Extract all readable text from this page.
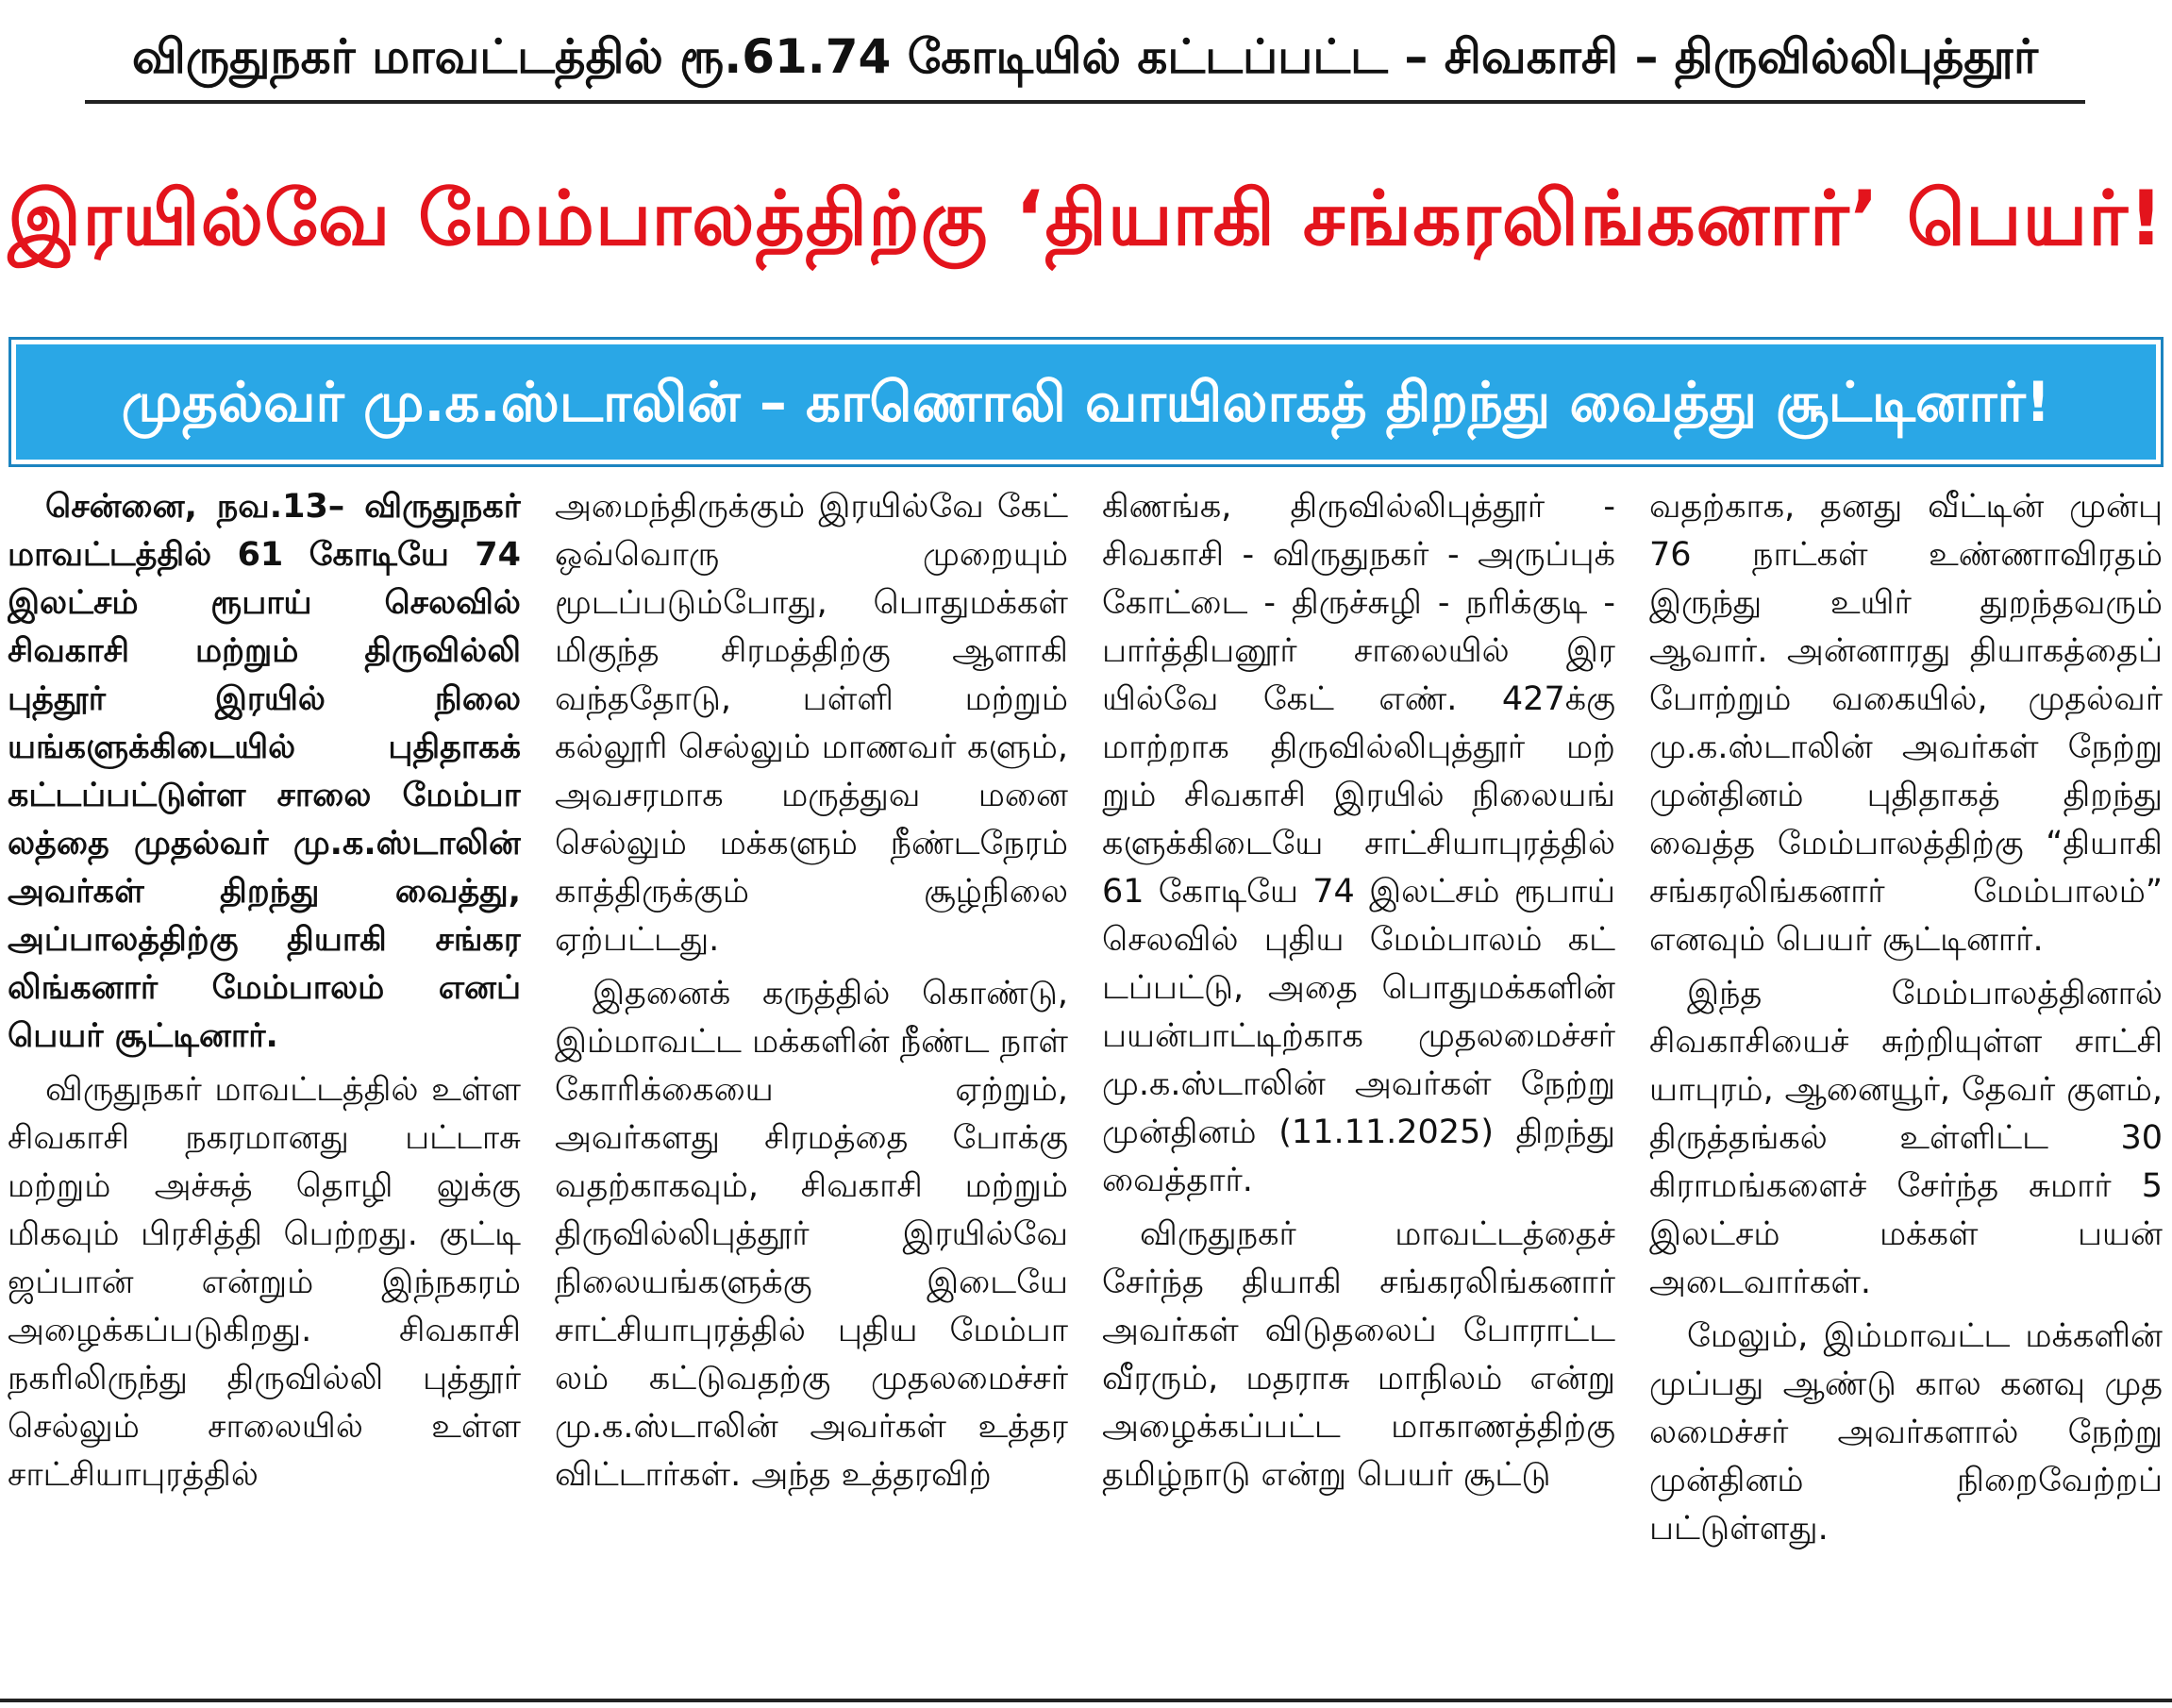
விருதுநகர் மாவட்டத்தில் ரூ.61.74 கோடியில் கட்டப்பட்ட – சிவகாசி – திருவில்லிபுத்தூர்
இரயில்வே மேம்பாலத்திற்கு ‘தியாகி சங்கரலிங்கனார்’ பெயர்!
முதல்வர் மு.க.ஸ்டாலின் – காணொலி வாயிலாகத் திறந்து வைத்து சூட்டினார்!

சென்னை, நவ.13– விருதுநகர் மாவட்டத்தில் 61 கோடியே 74 இலட்சம் ரூபாய் செலவில் சிவகாசி மற்றும் திருவில்லி புத்தூர் இரயில் நிலை யங்களுக்கிடையில் புதிதாகக் கட்டப்பட்டுள்ள சாலை மேம்பா லத்தை முதல்வர் மு.க.ஸ்டாலின் அவர்கள் திறந்து வைத்து, அப்பாலத்திற்கு தியாகி சங்கர லிங்கனார் மேம்பாலம் எனப் பெயர் சூட்டினார்.

விருதுநகர் மாவட்டத்தில் உள்ள சிவகாசி நகரமானது பட்டாசு மற்றும் அச்சுத் தொழி லுக்கு மிகவும் பிரசித்தி பெற்றது. குட்டி ஜப்பான் என்றும் இந்நகரம் அழைக்கப்படுகிறது. சிவகாசி நகரிலிருந்து திருவில்லி புத்தூர் செல்லும் சாலையில் உள்ள சாட்சியாபுரத்தில்

அமைந்திருக்கும் இரயில்வே கேட் ஒவ்வொரு முறையும் மூடப்படும்போது, பொதுமக்கள் மிகுந்த சிரமத்திற்கு ஆளாகி வந்ததோடு, பள்ளி மற்றும் கல்லூரி செல்லும் மாணவர் களும், அவசரமாக மருத்துவ மனை செல்லும் மக்களும் நீண்டநேரம் காத்திருக்கும் சூழ்நிலை ஏற்பட்டது.

இதனைக் கருத்தில் கொண்டு, இம்மாவட்ட மக்களின் நீண்ட நாள் கோரிக்கையை ஏற்றும், அவர்களது சிரமத்தை போக்கு வதற்காகவும், சிவகாசி மற்றும் திருவில்லிபுத்தூர் இரயில்வே நிலையங்களுக்கு இடையே சாட்சியாபுரத்தில் புதிய மேம்பா லம் கட்டுவதற்கு முதலமைச்சர் மு.க.ஸ்டாலின் அவர்கள் உத்தர விட்டார்கள். அந்த உத்தரவிற்

கிணங்க, திருவில்லிபுத்தூர் - சிவகாசி - விருதுநகர் - அருப்புக் கோட்டை - திருச்சுழி - நரிக்குடி - பார்த்திபனூர் சாலையில் இர யில்வே கேட் எண். 427க்கு மாற்றாக திருவில்லிபுத்தூர் மற் றும் சிவகாசி இரயில் நிலையங் களுக்கிடையே சாட்சியாபுரத்தில் 61 கோடியே 74 இலட்சம் ரூபாய் செலவில் புதிய மேம்பாலம் கட் டப்பட்டு, அதை பொதுமக்களின் பயன்பாட்டிற்காக முதலமைச்சர் மு.க.ஸ்டாலின் அவர்கள் நேற்று முன்தினம் (11.11.2025) திறந்து வைத்தார்.

விருதுநகர் மாவட்டத்தைச் சேர்ந்த தியாகி சங்கரலிங்கனார் அவர்கள் விடுதலைப் போராட்ட வீரரும், மதராசு மாநிலம் என்று அழைக்கப்பட்ட மாகாணத்திற்கு தமிழ்நாடு என்று பெயர் சூட்டு

வதற்காக, தனது வீட்டின் முன்பு 76 நாட்கள் உண்ணாவிரதம் இருந்து உயிர் துறந்தவரும் ஆவார். அன்னாரது தியாகத்தைப் போற்றும் வகையில், முதல்வர் மு.க.ஸ்டாலின் அவர்கள் நேற்று முன்தினம் புதிதாகத் திறந்து வைத்த மேம்பாலத்திற்கு “தியாகி சங்கரலிங்கனார் மேம்பாலம்” எனவும் பெயர் சூட்டினார்.

இந்த மேம்பாலத்தினால் சிவகாசியைச் சுற்றியுள்ள சாட்சி யாபுரம், ஆனையூர், தேவர் குளம், திருத்தங்கல் உள்ளிட்ட 30 கிராமங்களைச் சேர்ந்த சுமார் 5 இலட்சம் மக்கள் பயன் அடைவார்கள்.

மேலும், இம்மாவட்ட மக்களின் முப்பது ஆண்டு கால கனவு முத லமைச்சர் அவர்களால் நேற்று முன்தினம் நிறைவேற்றப் பட்டுள்ளது.
